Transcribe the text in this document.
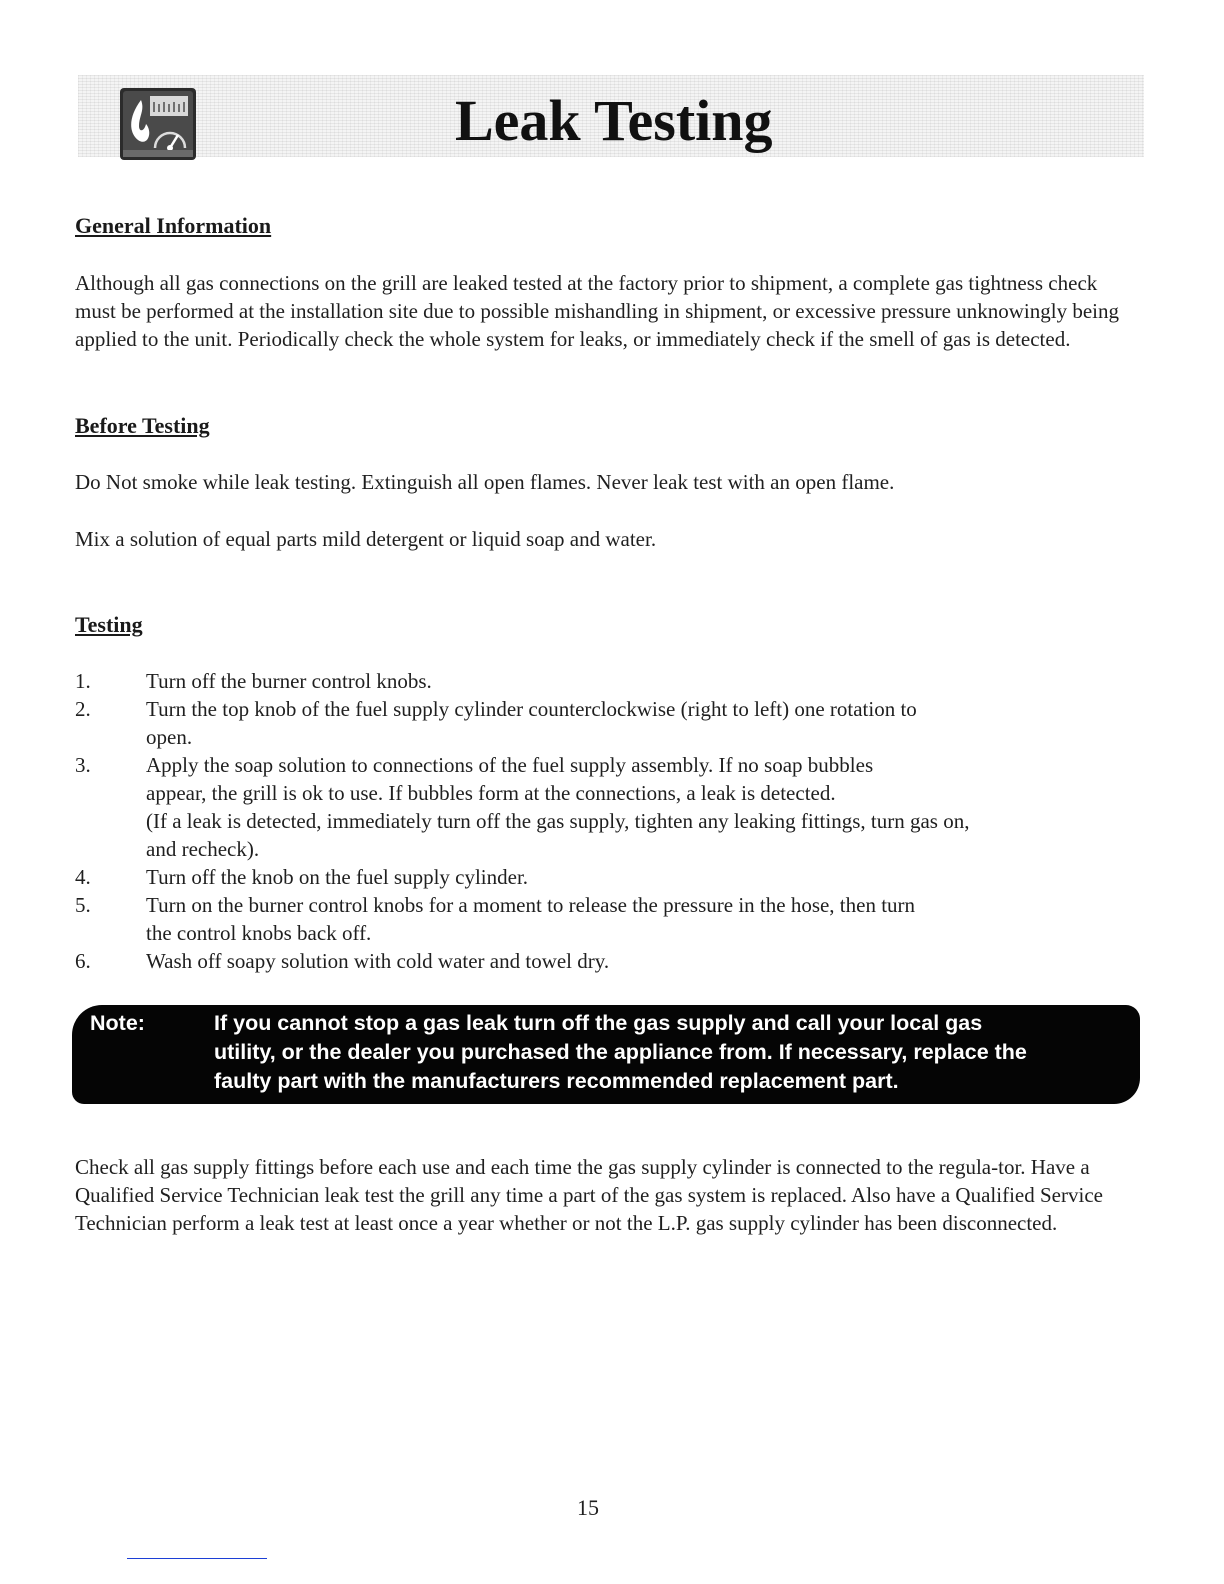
Leak Testing
General Information

Although all gas connections on the grill are leaked tested at the factory prior to shipment, a complete gas tightness check must be performed at the installation site due to possible mishandling in shipment, or excessive pressure unknowingly being applied to the unit. Periodically check the whole system for leaks, or immediately check if the smell of gas is detected.

Before Testing

Do Not smoke while leak testing. Extinguish all open flames. Never leak test with an open flame.

Mix a solution of equal parts mild detergent or liquid soap and water.

Testing
1.	Turn off the burner control knobs.
2.	Turn the top knob of the fuel supply cylinder counterclockwise (right to left) one rotation to
open.
3.	Apply the soap solution to connections of the fuel supply assembly. If no soap bubbles
appear, the grill is ok to use. If bubbles form at the connections, a leak is detected.
(If a leak is detected, immediately turn off the gas supply, tighten any leaking fittings, turn gas on,
and recheck).
4.	Turn off the knob on the fuel supply cylinder.
5.	Turn on the burner control knobs for a moment to release the pressure in the hose, then turn
the control knobs back off.
6.	Wash off soapy solution with cold water and towel dry.
Note:	If you cannot stop a gas leak turn off the gas supply and call your local gas
utility, or the dealer you purchased the appliance from. If necessary, replace the
faulty part with the manufacturers recommended replacement part.

Check all gas supply fittings before each use and each time the gas supply cylinder is connected to the regula-tor. Have a Qualified Service Technician leak test the grill any time a part of the gas system is replaced. Also have a Qualified Service Technician perform a leak test at least once a year whether or not the L.P. gas supply cylinder has been disconnected.

15
